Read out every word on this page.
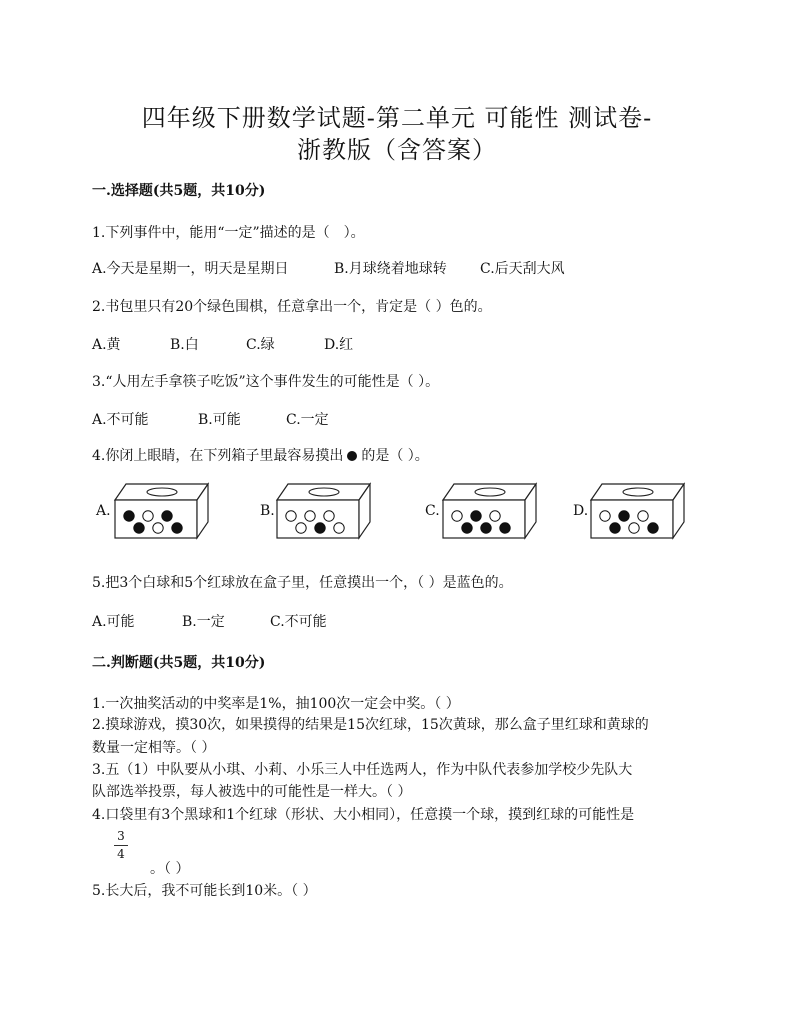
四年级下册数学试题-第二单元 可能性 测试卷-
浙教版（含答案）
一.选择题(共5题，共10分)
1.下列事件中，能用“一定”描述的是（　）。
A.今天是星期一，明天是星期日	B.月球绕着地球转 C.后天刮大风
2.书包里只有20个绿色围棋，任意拿出一个，肯定是（ ）色的。
A.黄	B.白	C.绿	D.红
3.“人用左手拿筷子吃饭”这个事件发生的可能性是（ ）。
A.不可能	B.可能	C.一定
4.你闭上眼睛，在下列箱子里最容易摸出 的是（ ）。
A.	B.	C.	D.
5.把3个白球和5个红球放在盒子里，任意摸出一个，（ ）是蓝色的。
A.可能	B.一定	C.不可能
二.判断题(共5题，共10分)
1.一次抽奖活动的中奖率是1%，抽100次一定会中奖。（ ）
2.摸球游戏，摸30次，如果摸得的结果是15次红球，15次黄球，那么盒子里红球和黄球的
数量一定相等。（ ）
3.五（1）中队要从小琪、小莉、小乐三人中任选两人，作为中队代表参加学校少先队大
队部选举投票，每人被选中的可能性是一样大。（ ）
4.口袋里有3个黑球和1个红球（形状、大小相同），任意摸一个球，摸到红球的可能性是
3
4
。（ ）
5.长大后，我不可能长到10米。（ ）
